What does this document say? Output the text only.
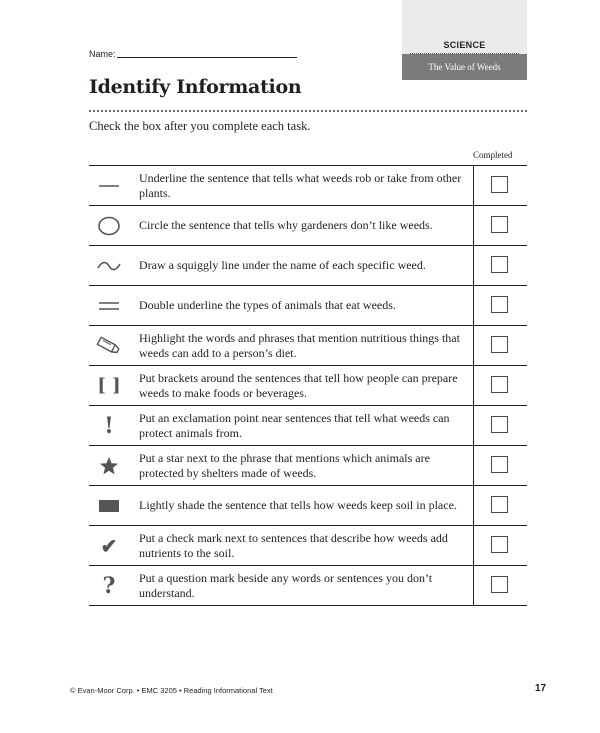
SCIENCE
The Value of Weeds
Name:
Identify Information
Check the box after you complete each task.
Completed
Underline the sentence that tells what weeds rob or take from other plants.
Circle the sentence that tells why gardeners don’t like weeds.
Draw a squiggly line under the name of each specific weed.
Double underline the types of animals that eat weeds.
Highlight the words and phrases that mention nutritious things that weeds can add to a person’s diet.
[ ] Put brackets around the sentences that tell how people can prepare weeds to make foods or beverages.
! Put an exclamation point near sentences that tell what weeds can protect animals from.
Put a star next to the phrase that mentions which animals are protected by shelters made of weeds.
Lightly shade the sentence that tells how weeds keep soil in place.
✔ Put a check mark next to sentences that describe how weeds add nutrients to the soil.
? Put a question mark beside any words or sentences you don’t understand.
© Evan-Moor Corp. • EMC 3205 • Reading Informational Text	17
